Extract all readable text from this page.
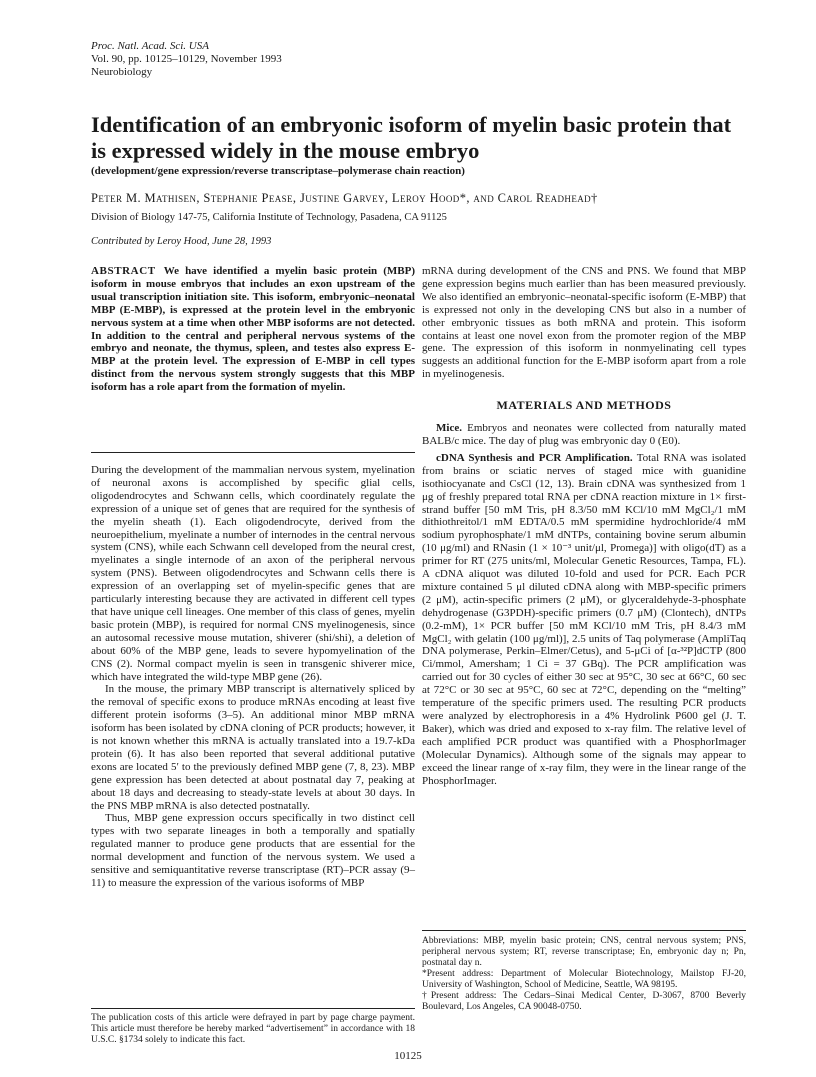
Proc. Natl. Acad. Sci. USA
Vol. 90, pp. 10125–10129, November 1993
Neurobiology
Identification of an embryonic isoform of myelin basic protein that is expressed widely in the mouse embryo
(development/gene expression/reverse transcriptase–polymerase chain reaction)
Peter M. Mathisen, Stephanie Pease, Justine Garvey, Leroy Hood*, and Carol Readhead†
Division of Biology 147-75, California Institute of Technology, Pasadena, CA 91125
Contributed by Leroy Hood, June 28, 1993

ABSTRACT We have identified a myelin basic protein (MBP) isoform in mouse embryos that includes an exon upstream of the usual transcription initiation site. This isoform, embryonic–neonatal MBP (E-MBP), is expressed at the protein level in the embryonic nervous system at a time when other MBP isoforms are not detected. In addition to the central and peripheral nervous systems of the embryo and neonate, the thymus, spleen, and testes also express E-MBP at the protein level. The expression of E-MBP in cell types distinct from the nervous system strongly suggests that this MBP isoform has a role apart from the formation of myelin.

During the development of the mammalian nervous system, myelination of neuronal axons is accomplished by specific glial cells, oligodendrocytes and Schwann cells, which coordinately regulate the expression of a unique set of genes that are required for the synthesis of the myelin sheath (1). Each oligodendrocyte, derived from the neuroepithelium, myelinate a number of internodes in the central nervous system (CNS), while each Schwann cell developed from the neural crest, myelinates a single internode of an axon of the peripheral nervous system (PNS). Between oligodendrocytes and Schwann cells there is expression of an overlapping set of myelin-specific genes that are particularly interesting because they are activated in different cell types that have unique cell lineages. One member of this class of genes, myelin basic protein (MBP), is required for normal CNS myelinogenesis, since an autosomal recessive mouse mutation, shiverer (shi/shi), a deletion of about 60% of the MBP gene, leads to severe hypomyelination of the CNS (2). Normal compact myelin is seen in transgenic shiverer mice, which have integrated the wild-type MBP gene (26).

In the mouse, the primary MBP transcript is alternatively spliced by the removal of specific exons to produce mRNAs encoding at least five different protein isoforms (3–5). An additional minor MBP mRNA isoform has been isolated by cDNA cloning of PCR products; however, it is not known whether this mRNA is actually translated into a 19.7-kDa protein (6). It has also been reported that several additional putative exons are located 5′ to the previously defined MBP gene (7, 8, 23). MBP gene expression has been detected at about postnatal day 7, peaking at about 18 days and decreasing to steady-state levels at about 30 days. In the PNS MBP mRNA is also detected postnatally.

Thus, MBP gene expression occurs specifically in two distinct cell types with two separate lineages in both a temporally and spatially regulated manner to produce gene products that are essential for the normal development and function of the nervous system. We used a sensitive and semiquantitative reverse transcriptase (RT)–PCR assay (9–11) to measure the expression of the various isoforms of MBP

mRNA during development of the CNS and PNS. We found that MBP gene expression begins much earlier than has been measured previously. We also identified an embryonic–neonatal-specific isoform (E-MBP) that is expressed not only in the developing CNS but also in a number of other embryonic tissues as both mRNA and protein. This isoform contains at least one novel exon from the promoter region of the MBP gene. The expression of this isoform in nonmyelinating cell types suggests an additional function for the E-MBP isoform apart from a role in myelinogenesis.

MATERIALS AND METHODS

Mice. Embryos and neonates were collected from naturally mated BALB/c mice. The day of plug was embryonic day 0 (E0).

cDNA Synthesis and PCR Amplification. Total RNA was isolated from brains or sciatic nerves of staged mice with guanidine isothiocyanate and CsCl (12, 13). Brain cDNA was synthesized from 1 μg of freshly prepared total RNA per cDNA reaction mixture in 1× first-strand buffer [50 mM Tris, pH 8.3/50 mM KCl/10 mM MgCl₂/1 mM dithiothreitol/1 mM EDTA/0.5 mM spermidine hydrochloride/4 mM sodium pyrophosphate/1 mM dNTPs, containing bovine serum albumin (10 μg/ml) and RNasin (1 × 10⁻³ unit/μl, Promega)] with oligo(dT) as a primer for RT (275 units/ml, Molecular Genetic Resources, Tampa, FL). A cDNA aliquot was diluted 10-fold and used for PCR. Each PCR mixture contained 5 μl diluted cDNA along with MBP-specific primers (2 μM), actin-specific primers (2 μM), or glyceraldehyde-3-phosphate dehydrogenase (G3PDH)-specific primers (0.7 μM) (Clontech), dNTPs (0.2-mM), 1× PCR buffer [50 mM KCl/10 mM Tris, pH 8.4/3 mM MgCl₂ with gelatin (100 μg/ml)], 2.5 units of Taq polymerase (AmpliTaq DNA polymerase, Perkin–Elmer/Cetus), and 5-μCi of [α-³²P]dCTP (800 Ci/mmol, Amersham; 1 Ci = 37 GBq). The PCR amplification was carried out for 30 cycles of either 30 sec at 95°C, 30 sec at 66°C, 60 sec at 72°C or 30 sec at 95°C, 60 sec at 72°C, depending on the “melting” temperature of the specific primers used. The resulting PCR products were analyzed by electrophoresis in a 4% Hydrolink P600 gel (J. T. Baker), which was dried and exposed to x-ray film. The relative level of each amplified PCR product was quantified with a PhosphorImager (Molecular Dynamics). Although some of the signals may appear to exceed the linear range of x-ray film, they were in the linear range of the PhosphorImager.

The publication costs of this article were defrayed in part by page charge payment. This article must therefore be hereby marked “advertisement” in accordance with 18 U.S.C. §1734 solely to indicate this fact.

Abbreviations: MBP, myelin basic protein; CNS, central nervous system; PNS, peripheral nervous system; RT, reverse transcriptase; En, embryonic day n; Pn, postnatal day n.

*Present address: Department of Molecular Biotechnology, Mailstop FJ-20, University of Washington, School of Medicine, Seattle, WA 98195.

†Present address: The Cedars–Sinai Medical Center, D-3067, 8700 Beverly Boulevard, Los Angeles, CA 90048-0750.

10125
